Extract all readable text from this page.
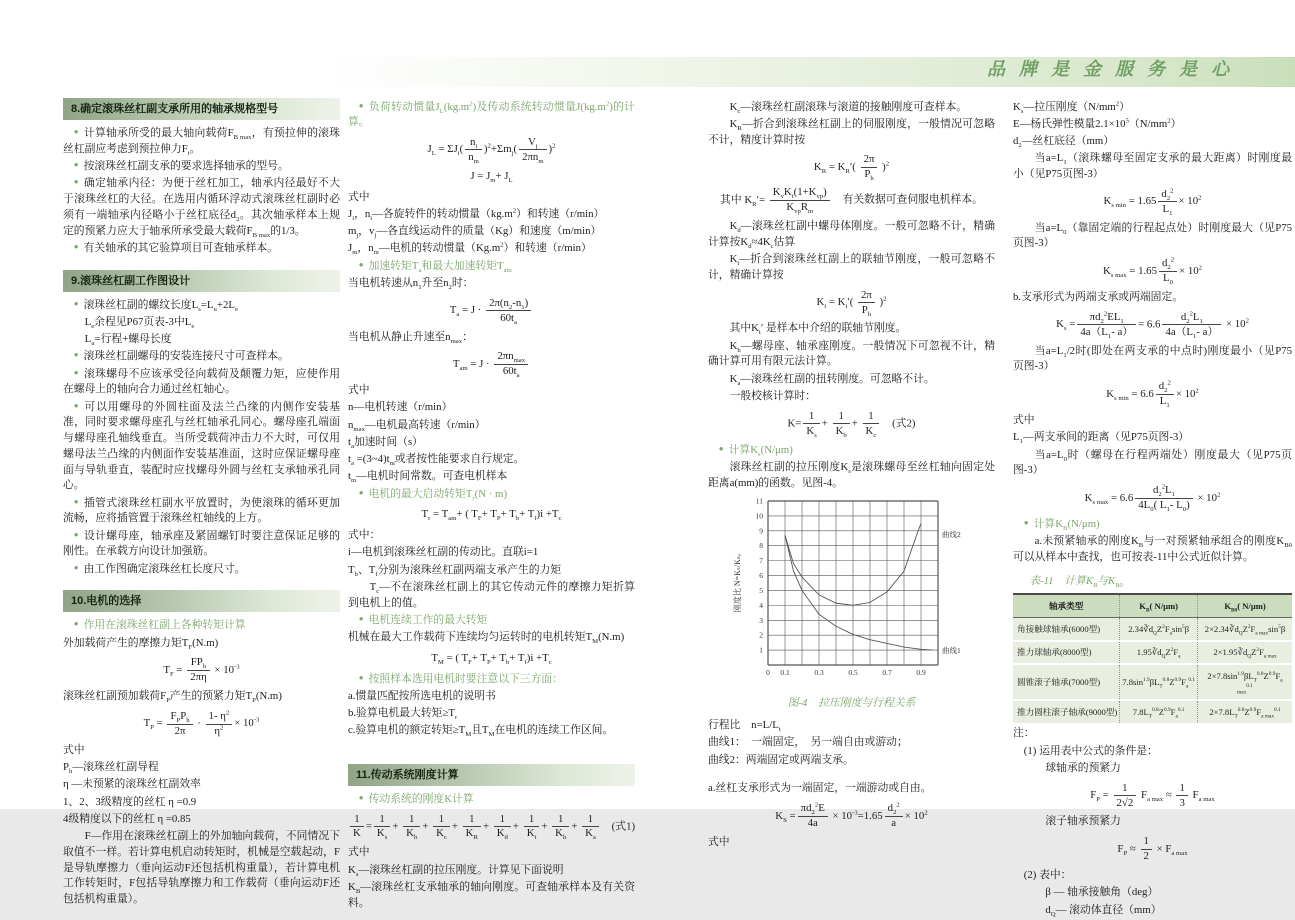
品牌是金服务是心
8.确定滚珠丝杠副支承所用的轴承规格型号
● 计算轴承所受的最大轴向载荷$F_{B max}$，有预拉伸的滚珠丝杠副应考虑到预拉伸力$F_t$。
● 按滚珠丝杠副支承的要求选择轴承的型号。
● 确定轴承内径：为便于丝杠加工，轴承内径最好不大于滚珠丝杠的大径。在选用内循环浮动式滚珠丝杠副时必须有一端轴承内径略小于丝杠底径$d_2$。其次轴承样本上规定的预紧力应大于轴承所承受最大载荷$F_{B max}$的1/3。
● 有关轴承的其它验算项目可查轴承样本。
9.滚珠丝杠副工作图设计
● 滚珠丝杠副的螺纹长度$L_s=L_u+2L_e$
$L_e$余程见P67页表-3中$L_e$
$L_u=$行程+螺母长度
● 滚珠丝杠副螺母的安装连接尺寸可查样本。
● 滚珠螺母不应该承受径向载荷及颠覆力矩，应使作用在螺母上的轴向合力通过丝杠轴心。
● 可以用螺母的外圆柱面及法兰凸缘的内侧作安装基准，同时要求螺母座孔与丝杠轴承孔同心。螺母座孔端面与螺母座孔轴线垂直。当所受载荷冲击力不大时，可仅用螺母法兰凸缘的内侧面作安装基准面，这时应保证螺母座面与导轨垂直，装配时应找螺母外圆与丝杠支承轴承孔同心。
● 插管式滚珠丝杠副水平放置时，为使滚珠的循环更加流畅，应将插管置于滚珠丝杠轴线的上方。
● 设计螺母座，轴承座及紧固螺钉时要注意保证足够的刚性。在承载方向设计加强筋。
● 由工作图确定滚珠丝杠长度尺寸。
10.电机的选择
● 作用在滚珠丝杠副上各种转矩计算
外加载荷产生的摩擦力矩$T_F(N.m)$
$T_F = \frac{FP_h}{2\pi\eta} \times 10^{-3}$
滚珠丝杠副预加载荷$F_P$产生的预紧力矩$T_P(N.m)$
$T_P = \frac{F_PP_h}{2\pi} \cdot \frac{1- \eta^2}{\eta^2} \times 10^{-3}$
式中
$P_h—$滚珠丝杠副导程
η —未预紧的滚珠丝杠副效率
1、2、3级精度的丝杠 η =0.9
4级精度以下的丝杠 η =0.85
F—作用在滚珠丝杠副上的外加轴向载荷，不同情况下取值不一样。若计算电机启动转矩时，机械是空载起动，F是导轨摩擦力（垂向运动F还包括机构重量），若计算电机工作转矩时，F包括导轨摩擦力和工作载荷（垂向运动F还包括机构重量）。
● 负荷转动惯量$J_L(kg.m^2)$及传动系统转动惯量$J(kg.m^2)$的计算。
$J_L = \Sigma J_i( \frac{n_i}{n_m} )^2+\Sigma m_j( \frac{V_j}{2\pi n_m} )^2$
$J = J_m+ J_L$
式中
$J_i$，$n_i—$各旋转件的转动惯量$(kg.m^2)$和转速（r/min）
$m_j$，$v_j—$各直线运动件的质量（Kg）和速度（m/min）
$J_m$，$n_m—$电机的转动惯量$(Kg.m^2)$和转速（r/min）
● 加速转矩$T_a$和最大加速转矩$T_{am}$
当电机转速从$n_1$升至$n_2$时：
$T_a = J \cdot \frac{2\pi(n_2-n_1)}{60t_a}$
当电机从静止升速至$n_{max}$：
$T_{am} = J \cdot \frac{2\pi n_{max}}{60t_a}$
式中
n—电机转速（r/min）
$n_{max}—$电机最高转速（r/min）
$t_a$加速时间（s）
$t_a$ $=(3\sim 4)t_m$或者按性能要求自行规定。
$t_m—$电机时间常数。可查电机样本
● 电机的最大启动转矩$T_r(N \cdot m)$
$T_r = T_{am}+$ ( $T_F+ T_P+ T_b+ T_f)i +T_c$
式中：
i—电机到滚珠丝杠副的传动比。直联i=1
$T_b$、$T_f$分别为滚珠丝杠副两端支承产生的力矩
$T_c—$不在滚珠丝杠副上的其它传动元件的摩擦力矩折算到电机上的值。
● 电机连续工作的最大转矩
机械在最大工作载荷下连续均匀运转时的电机转矩$T_M(N.m)$
$T_M$ = ( $T_F+ T_P+ T_b+ T_f)i +T_c$
● 按照样本选用电机时要注意以下三方面：
a.惯量匹配按所选电机的说明书
b.验算电机最大转矩$\ge T_r$
c.验算电机的额定转矩$\ge T_M$且$T_M$在电机的连续工作区间。
11.传动系统刚度计算
● 传动系统的刚度K计算
$\frac{1}{K} = \frac{1}{K_s} + \frac{1}{K_b} + \frac{1}{K_c} + \frac{1}{K_R} + \frac{1}{K_d} + \frac{1}{K_t} + \frac{1}{K_h} + \frac{1}{K_a}$ 　(式1)
式中
$K_s—$滚珠丝杠副的拉压刚度。计算见下面说明
$K_B—$滚珠丝杠支承轴承的轴向刚度。可查轴承样本及有关资料。
$K_c—$滚珠丝杠副滚珠与滚道的接触刚度可查样本。
$K_R—$折合到滚珠丝杠副上的伺服刚度，一般情况可忽略不计，精度计算时按
$K_R = K_R'( \frac{2\pi}{P_h} )^2$
其中 $K_R'= \frac{K_vK_i(1+K_{vp})}{K_{vp}R_m}$ 　有关数据可查伺服电机样本。
$K_d—$滚珠丝杠副中螺母体刚度。一般可忽略不计，精确计算按$K_d\approx 4K_c$估算
$K_t—$折合到滚珠丝杠副上的联轴节刚度，一般可忽略不计，精确计算按
$K_t = K_t'( \frac{2\pi}{P_h} )^2$
其中$K_t'$ 是样本中介绍的联轴节刚度。
$K_h—$螺母座、轴承座刚度。一般情况下可忽视不计，精确计算可用有限元法计算。
$K_a—$滚珠丝杠副的扭转刚度。可忽略不计。
一般校核计算时：
$K= \frac{1}{K_s} + \frac{1}{K_b} + \frac{1}{K_c}$ 　(式2)
● 计算$K_s(N/\mu m)$
滚珠丝杠副的拉压刚度$K_s$是滚珠螺母至丝杠轴向固定处距离a(mm)的函数。见图-4。
0 0.1	0.3	0.5	0.7	0.9
1
2
3
4
5
6
7
8
9
10
11
刚度比 N=Kₛ/Kₛₒ
曲线1
曲线2
图-4　拉压刚度与行程关系
行程比　$n=L/L_t$
曲线1：　一端固定，　另一端自由或游动；
曲线2：两端固定或两端支承。
a.丝杠支承形式为一端固定，一端游动或自由。
$K_S = \frac{\pi d_2^2E}{4a} \times 10^{-3}=1.65 \frac{d_2^2}{a} \times 10^2$
式中
$K_s—$拉压刚度$(N/mm^2)$
E—杨氏弹性模量$2.1\times 10^5(N/mm^2)$
$d_2—$丝杠底径（mm）
当$a=L_1$（滚珠螺母至固定支承的最大距离）时刚度最小（见P75页图-3）
$K_{s min} = 1.65 \frac{d_2^2}{L_1} \times 10^2$
当$a=L_0$（靠固定端的行程起点处）时刚度最大（见P75页图-3）
$K_{s max} = 1.65 \frac{d_2^2}{L_0} \times 10^2$
b.支承形式为两端支承或两端固定。
$K_s = \frac{\pi d_2^2EL_1}{4a(L_1- a)} = 6.6 \frac{d_2^2L_1}{4a(L_1- a)} \times 10^2$
当$a=L_1/2$时(即处在两支承的中点时)刚度最小（见P75页图-3）
$K_{s min} = 6.6 \frac{d_2^2}{L_1} \times 10^2$
式中
$L_1—$两支承间的距离（见P75页图-3）
当$a=L_0$时（螺母在行程两端处）刚度最大（见P75页图-3）
$K_{s max} = 6.6 \frac{d_2^2L_1}{4L_0( L_1- L_0)} \times 10^2$
● 计算$K_B(N/\mu m)$
a.未预紧轴承的刚度$K_B$与一对预紧轴承组合的刚度$K_{B0}$可以从样本中查找，也可按表-11中公式近似计算。
表-11　计算$K_B$与$K_{B0}$
轴承类型	$K_B$( N/μm)	$K_{B0}$( N/μm)
角接触球轴承(6000型)	$2.34∛d_QZ^2F_a\sin^5\beta$	$2\times 2.34∛d_QZ^2F_{a max}\sin^5\beta$
推力球轴承(8000型)	$1.95∛d_QZ^2F_a$	$2\times 1.95∛d_QZ^2F_{a max}$
圆锥滚子轴承(7000型)	$7.8\sin^{1.9}\beta L_T^{0.8}Z^{0.9}F_a^{0.1}$	$2\times 7.8\sin^{1.9}\beta L_T^{0.8}Z^{0.9}F_{a max}^{0.1}$
推力圆柱滚子轴承(9000型)	$7.8L_T^{0.8}Z^{0.9}F_a^{0.1}$	$2\times 7.8L_T^{0.8}Z^{0.9}F_{a max}^{0.1}$
注：
　(1) 运用表中公式的条件是：
　　　球轴承的预紧力
$F_P = \frac{1}{2√2} F_{a max} \approx \frac{1}{3} F_{a max}$
　　　滚子轴承预紧力
$F_P \approx \frac{1}{2} \times F_{a max}$
　(2) 表中：
　　　β — 轴承接触角（deg）
　　　$d_Q—$ 滚动体直径（mm）
